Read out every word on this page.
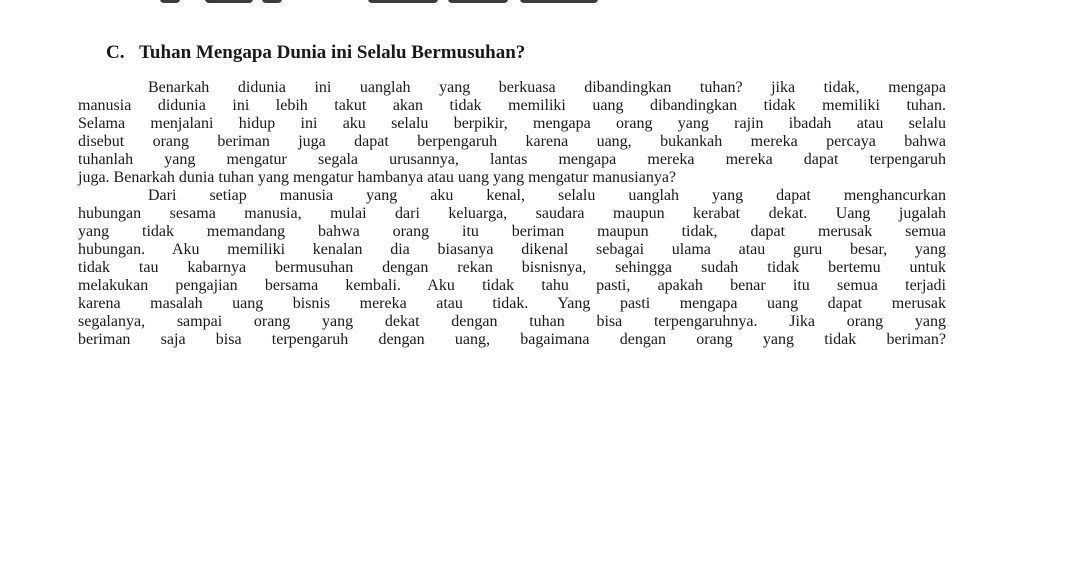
C. Tuhan Mengapa Dunia ini Selalu Bermusuhan?
Benarkah didunia ini uanglah yang berkuasa dibandingkan tuhan? jika tidak, mengapa
manusia didunia ini lebih takut akan tidak memiliki uang dibandingkan tidak memiliki tuhan.
Selama menjalani hidup ini aku selalu berpikir, mengapa orang yang rajin ibadah atau selalu
disebut orang beriman juga dapat berpengaruh karena uang, bukankah mereka percaya bahwa
tuhanlah yang mengatur segala urusannya, lantas mengapa mereka mereka dapat terpengaruh
juga. Benarkah dunia tuhan yang mengatur hambanya atau uang yang mengatur manusianya?
Dari setiap manusia yang aku kenal, selalu uanglah yang dapat menghancurkan
hubungan sesama manusia, mulai dari keluarga, saudara maupun kerabat dekat. Uang jugalah
yang tidak memandang bahwa orang itu beriman maupun tidak, dapat merusak semua
hubungan. Aku memiliki kenalan dia biasanya dikenal sebagai ulama atau guru besar, yang
tidak tau kabarnya bermusuhan dengan rekan bisnisnya, sehingga sudah tidak bertemu untuk
melakukan pengajian bersama kembali. Aku tidak tahu pasti, apakah benar itu semua terjadi
karena masalah uang bisnis mereka atau tidak. Yang pasti mengapa uang dapat merusak
segalanya, sampai orang yang dekat dengan tuhan bisa terpengaruhnya. Jika orang yang
beriman saja bisa terpengaruh dengan uang, bagaimana dengan orang yang tidak beriman?
